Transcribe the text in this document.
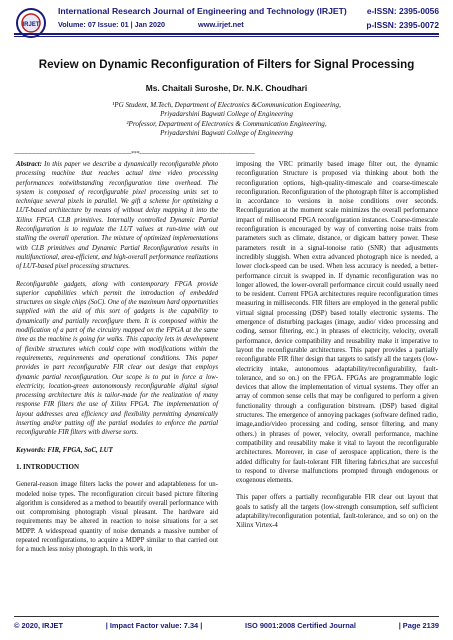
IRJET
International Research Journal of Engineering and Technology (IRJET) e-ISSN: 2395-0056
Volume: 07 Issue: 01 | Jan 2020	www.irjet.net	p-ISSN: 2395-0072
Review on Dynamic Reconfiguration of Filters for Signal Processing
Ms. Chaitali Suroshe, Dr. N.K. Choudhari
¹PG Student, M.Tech, Department of Electronics &Communication Engineering,
Priyadarshini Bagwati College of Engineering
²Professor, Department of Electronics & Communication Engineering,
Priyadarshini Bagwati College of Engineering
---------------------------------------------------------------------***--------------------------------------------------------------------

Abstract: In this paper we describe a dynamically reconfigurable photo processing machine that reaches actual time video processing performances notwithstanding reconfiguration time overhead. The system is composed of reconfigurable pixel processing units set to technique several pixels in parallel. We gift a scheme for optimizing a LUT-based architecture by means of without delay mapping it into the Xilinx FPGA CLB primitives. Internally controlled Dynamic Partial Reconfiguration is to regulate the LUT values at run-time with out stalling the overall operation. The mixture of optimized implementations with CLB primitives and Dynamic Partial Reconfiguration results in multifunctional, area-efficient, and high-overall performance realizations of LUT-based pixel processing structures.

Reconfigurable gadgets, along with contemporary FPGA provide superior capabilities which permit the introduction of embedded structures on single chips (SoC). One of the maximum hard opportunities supplied with the aid of this sort of gadgets is the capability to dynamically and partially reconfigure them. It is composed within the modification of a part of the circuitry mapped on the FPGA at the same time as the machine is going for walks. This capacity lets in development of flexible structures which could cope with modifications within the requirements, requirements and operational conditions. This paper provides in part reconfigurable FIR clear out design that employs dynamic partial reconfiguration. Our scope is to put in force a low-electricity, location-green autonomously reconfigurable digital signal processing architecture this is tailor-made for the realization of many response FIR filters the use of Xilinx FPGA. The implementation of layout addresses area efficiency and flexibility permitting dynamically inserting and/or putting off the partial modules to enforce the partial reconfigurable FIR filters with diverse sorts.

Keywords: FIR, FPGA, SoC, LUT

1. INTRODUCTION

General-reason image filters lacks the power and adaptableness for un-modeled noise types. The reconfiguration circuit based picture filtering algorithm is considered as a method to beautify overall performance with out compromising photograph visual pleasant. The hardware aid requirements may be altered in reaction to noise situations for a set MDPP. A widespread quantity of noise demands a massive number of repeated reconfigurations, to acquire a MDPP similar to that carried out for a much less noisy photograph. In this work, in

imposing the VRC primarily based image filter out, the dynamic reconfiguration Structure is proposed via thinking about both the reconfiguration options, high-quality-timescale and coarse-timescale reconfiguration. Reconfiguration of the photograph filter is accomplished in accordance to versions in noise conditions over seconds. Reconfiguration at the moment scale minimizes the overall performance impact of millisecond FPGA reconfiguration instances. Coarse-timescale reconfiguration is encouraged by way of converting noise traits from parameters such as climate, distance, or digicam battery power. These parameters result in a signal-tonoise ratio (SNR) that adjustments incredibly sluggish. When extra advanced photograph nice is needed, a lower clock-speed can be used. When less accuracy is needed, a better-performance circuit is swapped in. If dynamic reconfiguration was no longer allowed, the lower-overall performance circuit could usually need to be resident. Current FPGA architectures require reconfiguration times measuring in milliseconds. FIR filters are employed in the general public virtual signal processing (DSP) based totally electronic systems. The emergence of disturbing packages (image, audio/ video processing and coding, sensor filtering, etc.) in phrases of electricity, velocity, overall performance, device compatibility and reusability make it imperative to layout the reconfigurable architectures. This paper provides a partially reconfigurable FIR filter design that targets to satisfy all the targets (low-electricity intake, autonomous adaptability/reconfigurability, fault-tolerance, and so on.) on the FPGA. FPGAs are programmable logic devices that allow the implementation of virtual systems. They offer an array of common sense cells that may be configured to perform a given functionality through a configuration bitstream. (DSP) based digital structures. The emergence of annoying packages (software defined radio, image,audio/video processing and coding, sensor filtering, and many others.) in phrases of power, velocity, overall performance, machine compatibility and reusability make it vital to layout the reconfigurable architectures. Moreover, in case of aerospace application, there is the added difficulty for fault-tolerant FIR filtering fabrics,that are succesful to respond to diverse malfunctions prompted through endogenous or exogenous elements.

This paper offers a partially reconfigurable FIR clear out layout that goals to satisfy all the targets (low-strength consumption, self sufficient adaptability/reconfiguration potential, fault-tolerance, and so on) on the Xilinx Virtex-4

© 2020, IRJET	| Impact Factor value: 7.34 |	ISO 9001:2008 Certified Journal	| Page 2139
